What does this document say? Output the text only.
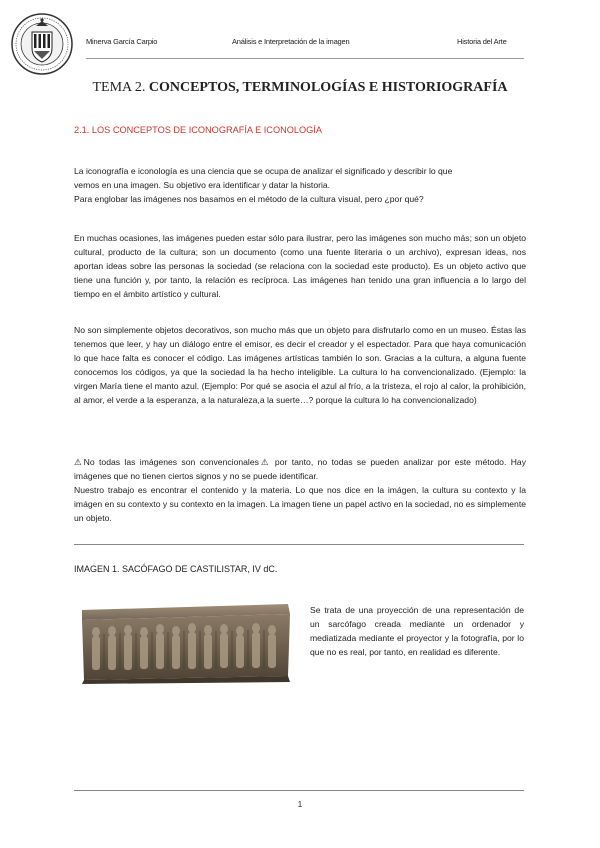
Minerva García Carpio	Análisis e Interpretación de la imagen	Historia del Arte
TEMA 2. CONCEPTOS, TERMINOLOGÍAS E HISTORIOGRAFÍA
2.1. LOS CONCEPTOS DE ICONOGRAFÍA E ICONOLOGÍA
La iconografía e iconología es una ciencia que se ocupa de analizar el significado y describir lo que
vemos en una imagen. Su objetivo era identificar y datar la historia.
Para englobar las imágenes nos basamos en el método de la cultura visual, pero ¿por qué?
En muchas ocasiones, las imágenes pueden estar sólo para ilustrar, pero las imágenes son mucho más; son un objeto cultural, producto de la cultura; son un documento (como una fuente literaria o un archivo), expresan ideas, nos aportan ideas sobre las personas la sociedad (se relaciona con la sociedad este producto). Es un objeto activo que tiene una función y, por tanto, la relación es recíproca. Las imágenes han tenido una gran influencia a lo largo del tiempo en el ámbito artístico y cultural.
No son simplemente objetos decorativos, son mucho más que un objeto para disfrutarlo como en un museo. Éstas las tenemos que leer, y hay un diálogo entre el emisor, es decir el creador y el espectador. Para que haya comunicación lo que hace falta es conocer el código. Las imágenes artísticas también lo son. Gracias a la cultura, a alguna fuente conocemos los códigos, ya que la sociedad la ha hecho inteligible. La cultura lo ha convencionalizado. (Ejemplo: la virgen María tiene el manto azul. (Ejemplo: Por qué se asocia el azul al frío, a la tristeza, el rojo al calor, la prohibición, al amor, el verde a la esperanza, a la naturaleza,a la suerte…? porque la cultura lo ha convencionalizado)
⚠No todas las imágenes son convencionales⚠ por tanto, no todas se pueden analizar por este método. Hay imágenes que no tienen ciertos signos y no se puede identificar.
Nuestro trabajo es encontrar el contenido y la materia. Lo que nos dice en la imágen, la cultura su contexto y la imágen en su contexto y su contexto en la imagen. La imagen tiene un papel activo en la sociedad, no es simplemente un objeto.
IMAGEN 1. SACÓFAGO DE CASTILISTAR, IV dC.
Se trata de una proyección de una representación de un sarcófago creada mediante un ordenador y mediatizada mediante el proyector y la fotografía, por lo que no es real, por tanto, en realidad es diferente.
1
